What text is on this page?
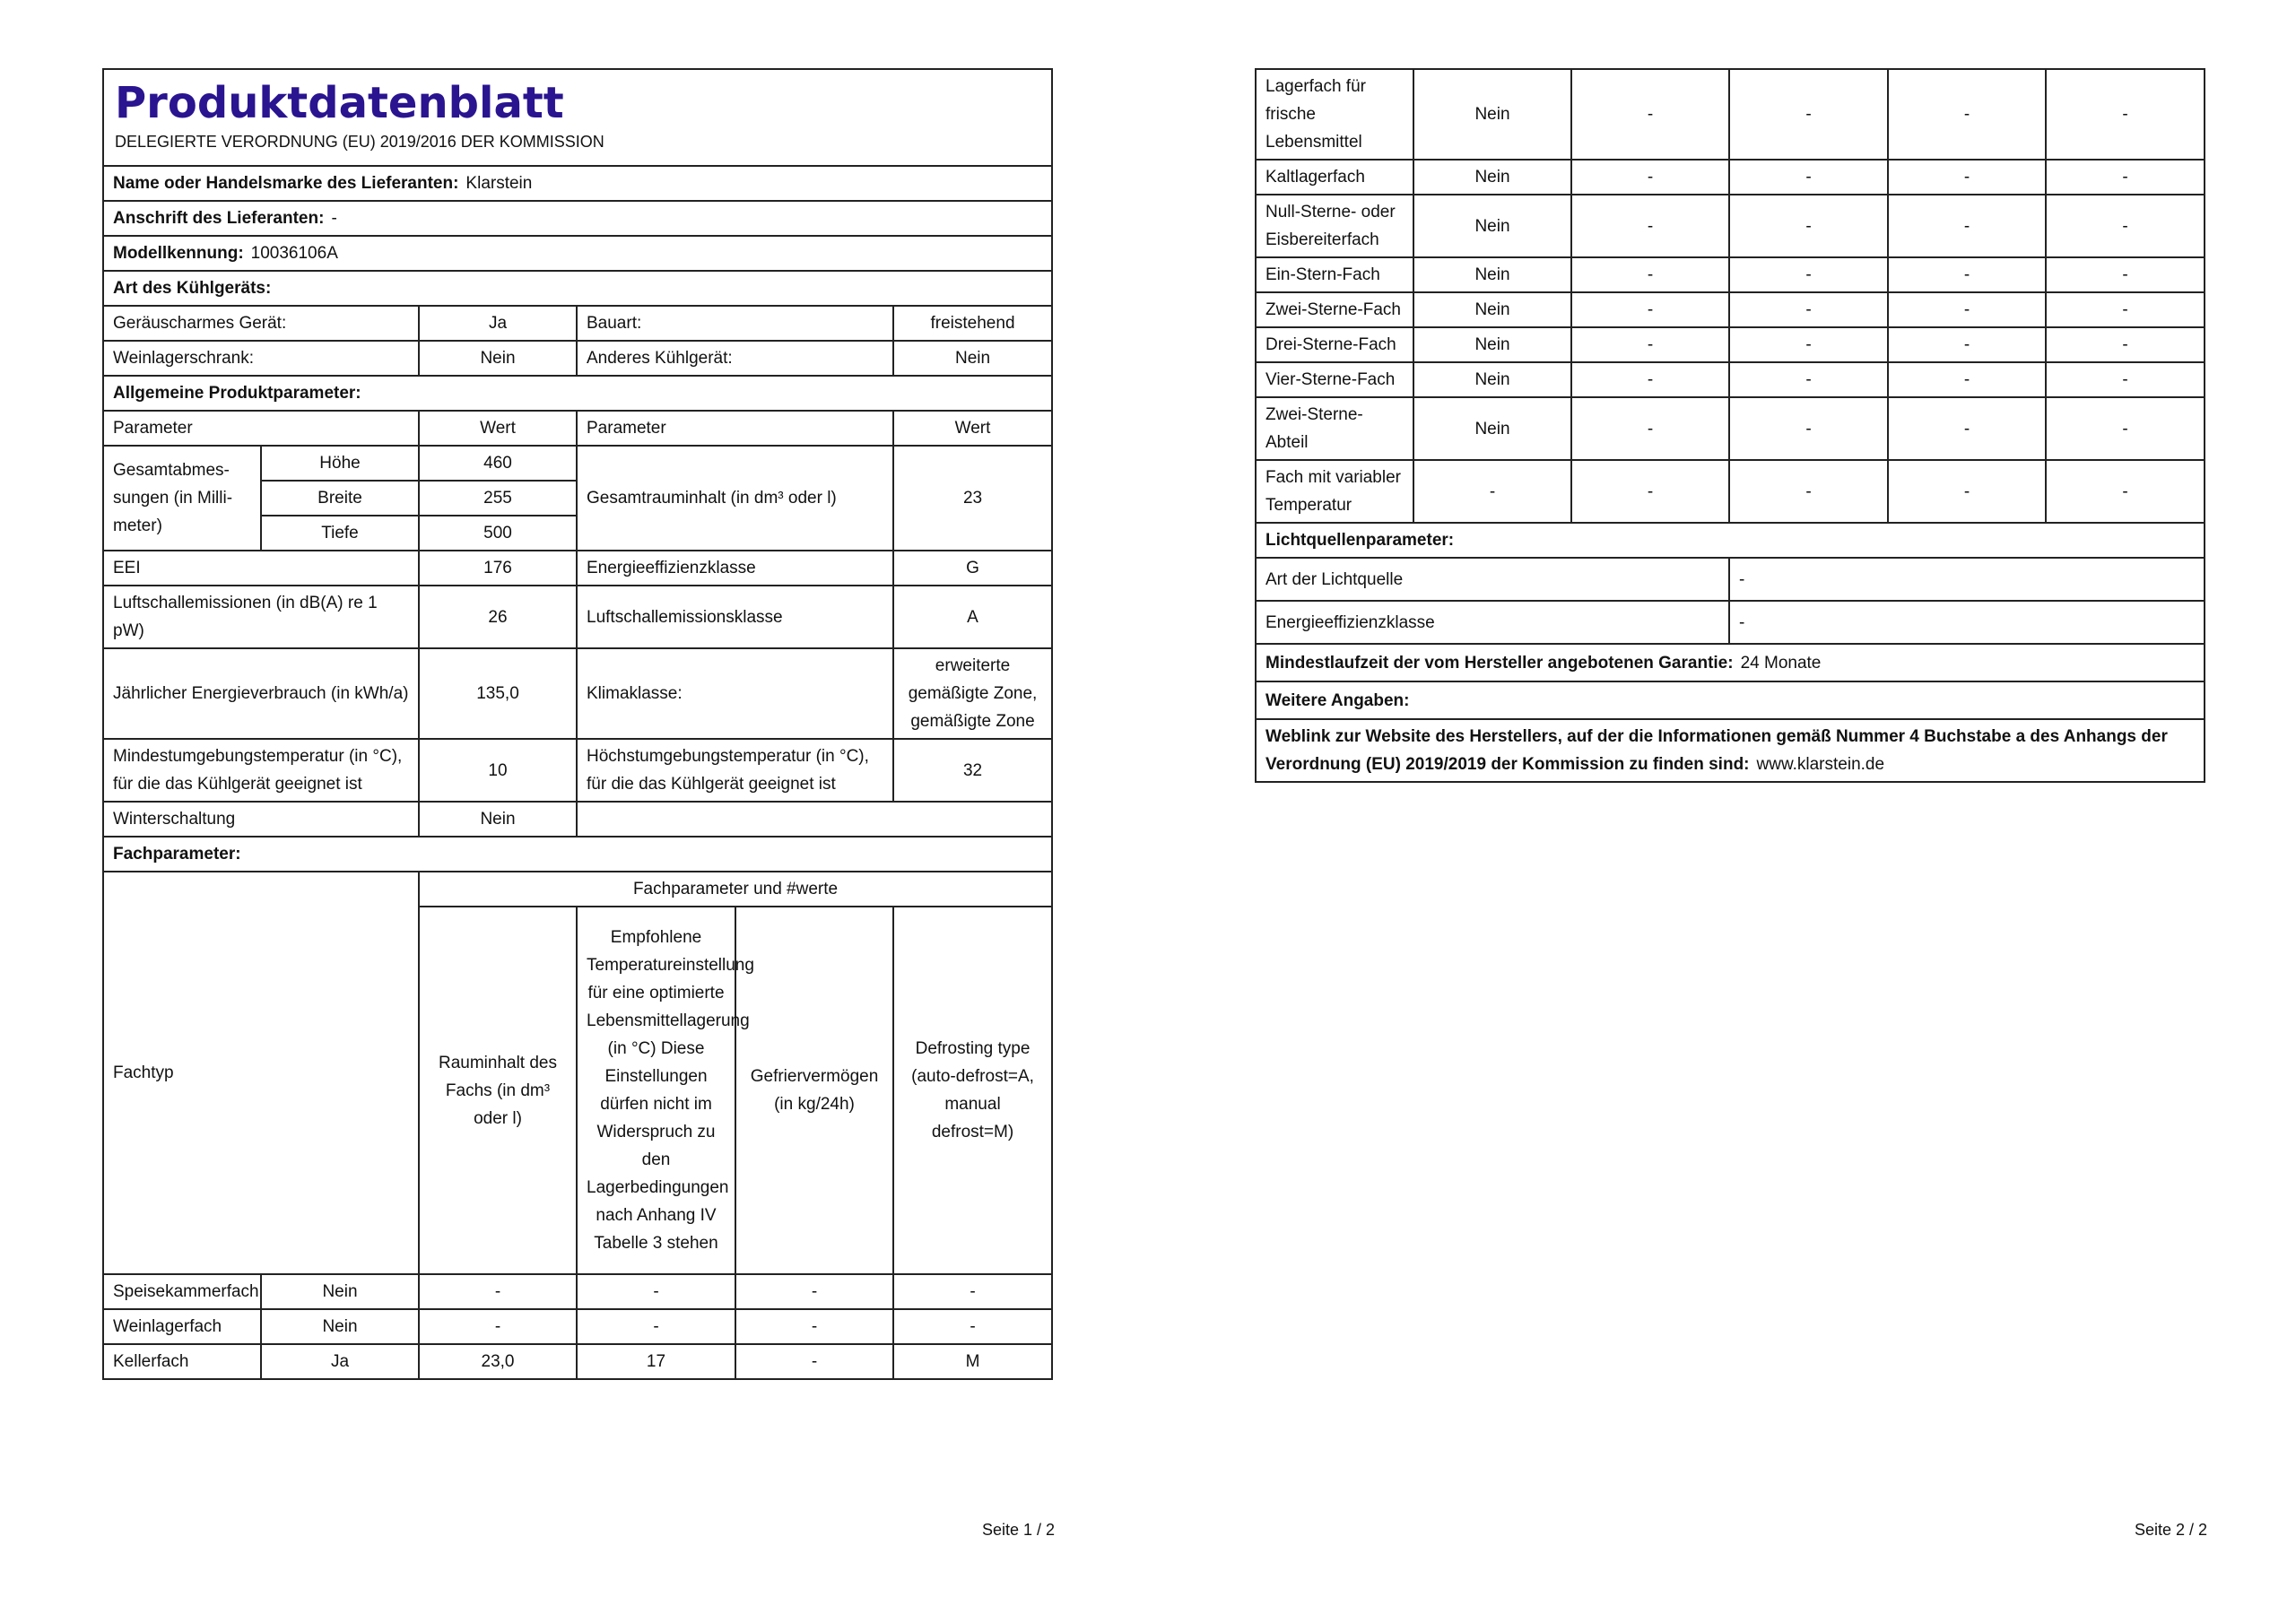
Produktdatenblatt
DELEGIERTE VERORDNUNG (EU) 2019/2016 DER KOMMISSION					

Name oder Handelsmarke des Lieferanten: Klarstein					
Anschrift des Lieferanten: -					
Modellkennung: 10036106A					
Art des Kühlgeräts:					
Geräuscharmes Gerät:		Ja	Bauart:		freistehend
Weinlagerschrank:		Nein	Anderes Kühlgerät:		Nein
Allgemeine Produktparameter:					
Parameter		Wert	Parameter		Wert
Gesamtabmes-sungen (in Milli-meter)	Höhe	460	Gesamtrauminhalt (in dm³ oder l)		23
	Breite	255			
	Tiefe	500			
EEI		176	Energieeffizienzklasse		G
Luftschallemissionen (in dB(A) re 1 pW)		26	Luftschallemissionsklasse		A
Jährlicher Energieverbrauch (in kWh/a)		135,0	Klimaklasse:		erweiterte gemäßigte Zone, gemäßigte Zone
Mindestumgebungstemperatur (in °C), für die das Kühlgerät geeignet ist		10	Höchstumgebungstemperatur (in °C), für die das Kühlgerät geeignet ist		32
Winterschaltung		Nein			
Fachparameter:					
Fachtyp		Fachparameter und #werte			
		Rauminhalt des Fachs (in dm³ oder l)	Empfohlene Temperatureinstellung für eine optimierte Lebensmittellagerung (in °C) Diese Einstellungen dürfen nicht im Widerspruch zu den Lagerbedingungen nach Anhang IV Tabelle 3 stehen	Gefriervermögen (in kg/24h)	Defrosting type (auto-defrost=A, manual defrost=M)
Speisekammerfach	Nein	-	-	-	-
Weinlagerfach	Nein	-	-	-	-
Kellerfach	Ja	23,0	17	-	M
Seite 1 / 2
Lagerfach für frische Lebensmittel	Nein	-	-	-	-
Kaltlagerfach	Nein	-	-	-	-
Null-Sterne- oder Eisbereiterfach	Nein	-	-	-	-
Ein-Stern-Fach	Nein	-	-	-	-
Zwei-Sterne-Fach	Nein	-	-	-	-
Drei-Sterne-Fach	Nein	-	-	-	-
Vier-Sterne-Fach	Nein	-	-	-	-
Zwei-Sterne-Abteil	Nein	-	-	-	-
Fach mit variabler Temperatur	-	-	-	-	-
Lichtquellenparameter:					
Art der Lichtquelle			-		
Energieeffizienzklasse			-		
Mindestlaufzeit der vom Hersteller angebotenen Garantie: 24 Monate					
Weitere Angaben:					
Weblink zur Website des Herstellers, auf der die Informationen gemäß Nummer 4 Buchstabe a des Anhangs der Verordnung (EU) 2019/2019 der Kommission zu finden sind: www.klarstein.de					
Seite 2 / 2
